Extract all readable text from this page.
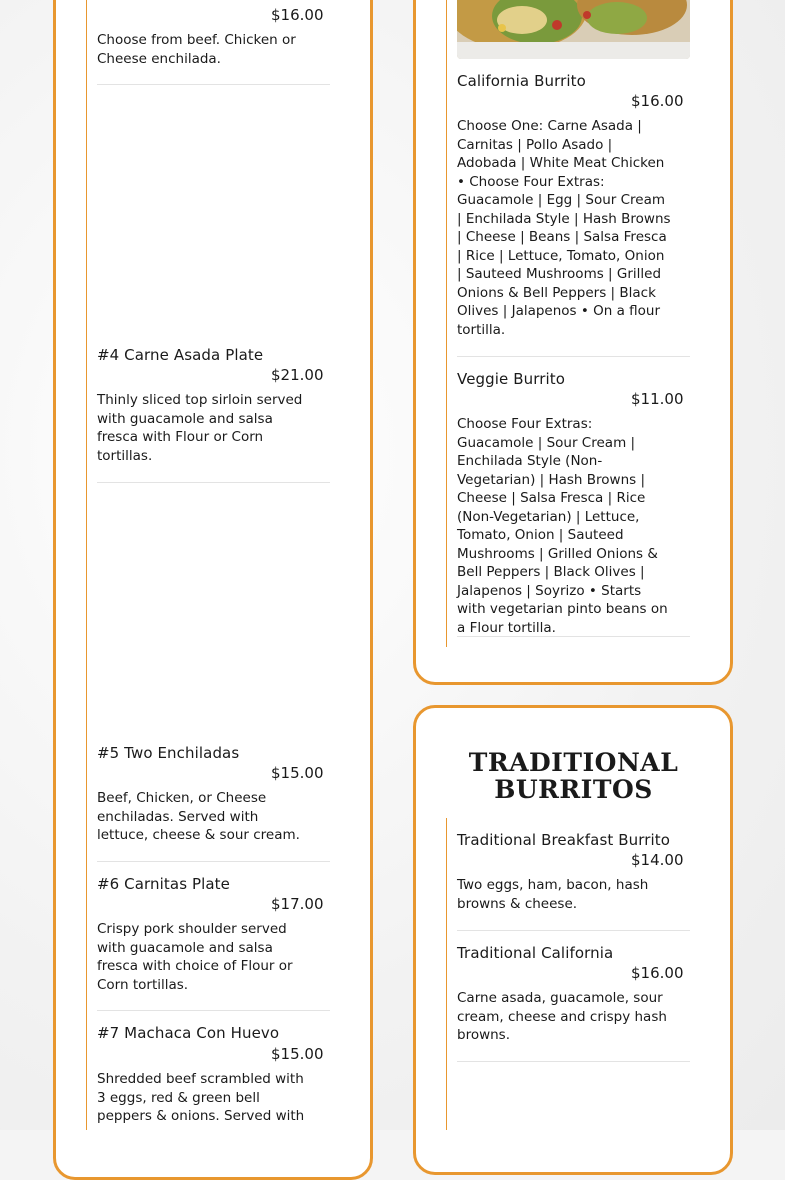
$16.00
Choose from beef. Chicken or Cheese enchilada.
#4 Carne Asada Plate
$21.00
Thinly sliced top sirloin served with guacamole and salsa fresca with Flour or Corn tortillas.
#5 Two Enchiladas
$15.00
Beef, Chicken, or Cheese enchiladas. Served with lettuce, cheese & sour cream.
#6 Carnitas Plate
$17.00
Crispy pork shoulder served with guacamole and salsa fresca with choice of Flour or Corn tortillas.
#7 Machaca Con Huevo
$15.00
Shredded beef scrambled with 3 eggs, red & green bell peppers & onions. Served with
California Burrito
$16.00
Choose One: Carne Asada | Carnitas | Pollo Asado | Adobada | White Meat Chicken • Choose Four Extras: Guacamole | Egg | Sour Cream | Enchilada Style | Hash Browns | Cheese | Beans | Salsa Fresca | Rice | Lettuce, Tomato, Onion | Sauteed Mushrooms | Grilled Onions & Bell Peppers | Black Olives | Jalapenos • On a flour tortilla.
Veggie Burrito
$11.00
Choose Four Extras: Guacamole | Sour Cream | Enchilada Style (Non-Vegetarian) | Hash Browns | Cheese | Salsa Fresca | Rice (Non-Vegetarian) | Lettuce, Tomato, Onion | Sauteed Mushrooms | Grilled Onions & Bell Peppers | Black Olives | Jalapenos | Soyrizo • Starts with vegetarian pinto beans on a Flour tortilla.
TRADITIONAL BURRITOS
Traditional Breakfast Burrito
$14.00
Two eggs, ham, bacon, hash browns & cheese.
Traditional California
$16.00
Carne asada, guacamole, sour cream, cheese and crispy hash browns.
